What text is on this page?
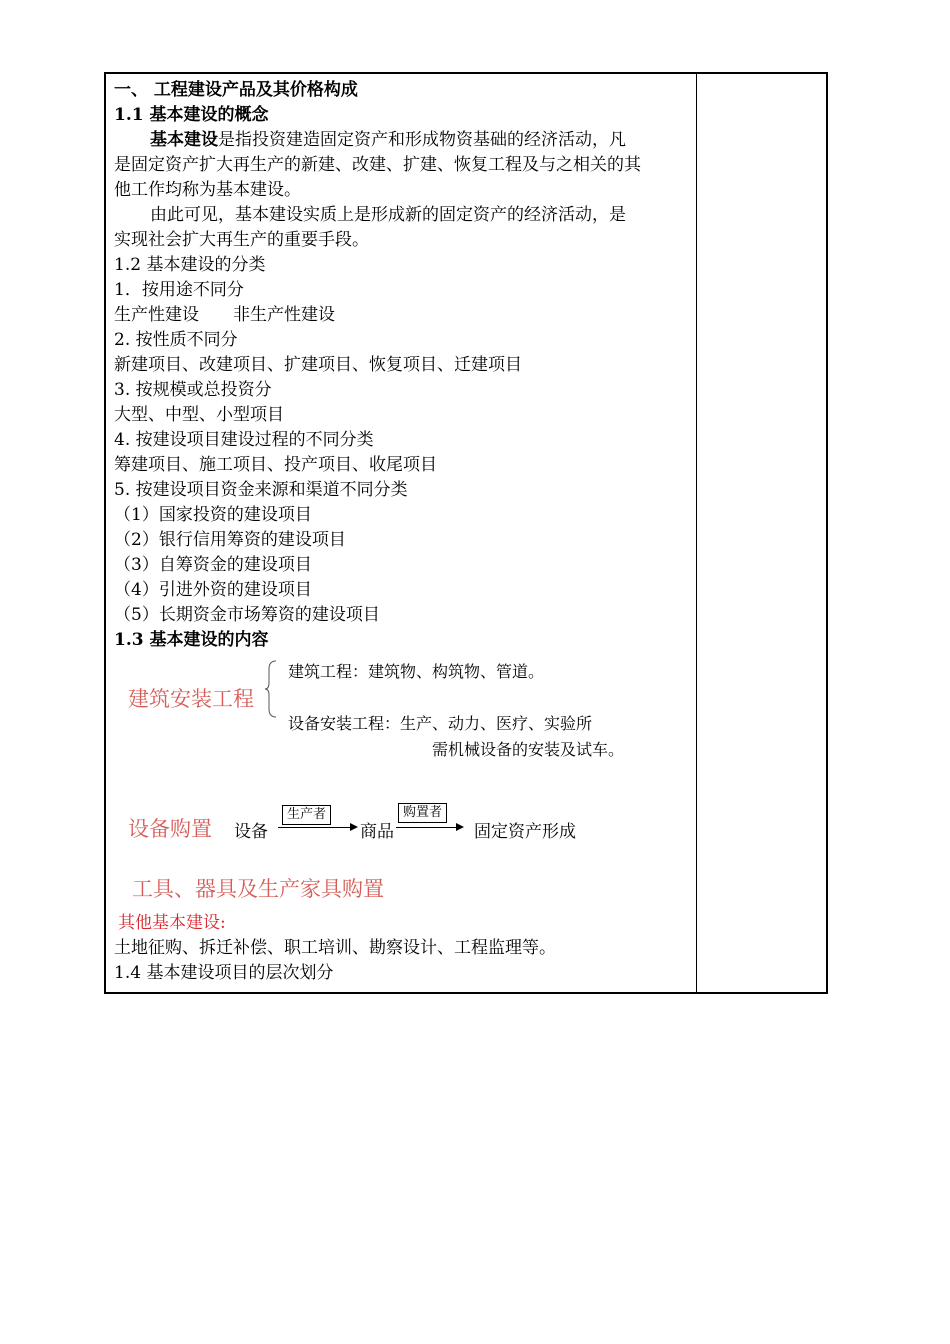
一、 工程建设产品及其价格构成
1.1 基本建设的概念
基本建设是指投资建造固定资产和形成物资基础的经济活动，凡
是固定资产扩大再生产的新建、改建、扩建、恢复工程及与之相关的其
他工作均称为基本建设。
由此可见，基本建设实质上是形成新的固定资产的经济活动，是
实现社会扩大再生产的重要手段。
1.2 基本建设的分类
1．按用途不同分
生产性建设　　非生产性建设
2. 按性质不同分
新建项目、改建项目、扩建项目、恢复项目、迁建项目
3. 按规模或总投资分
大型、中型、小型项目
4. 按建设项目建设过程的不同分类
筹建项目、施工项目、投产项目、收尾项目
5. 按建设项目资金来源和渠道不同分类
（1）国家投资的建设项目
（2）银行信用筹资的建设项目
（3）自筹资金的建设项目
（4）引进外资的建设项目
（5）长期资金市场筹资的建设项目
1.3 基本建设的内容
建筑安装工程
建筑工程：建筑物、构筑物、管道。
设备安装工程：生产、动力、医疗、实验所
需机械设备的安装及试车。
设备购置 设备
生产者
商品
购置者
固定资产形成
工具、器具及生产家具购置
其他基本建设:
土地征购、拆迁补偿、职工培训、勘察设计、工程监理等。
1.4 基本建设项目的层次划分
